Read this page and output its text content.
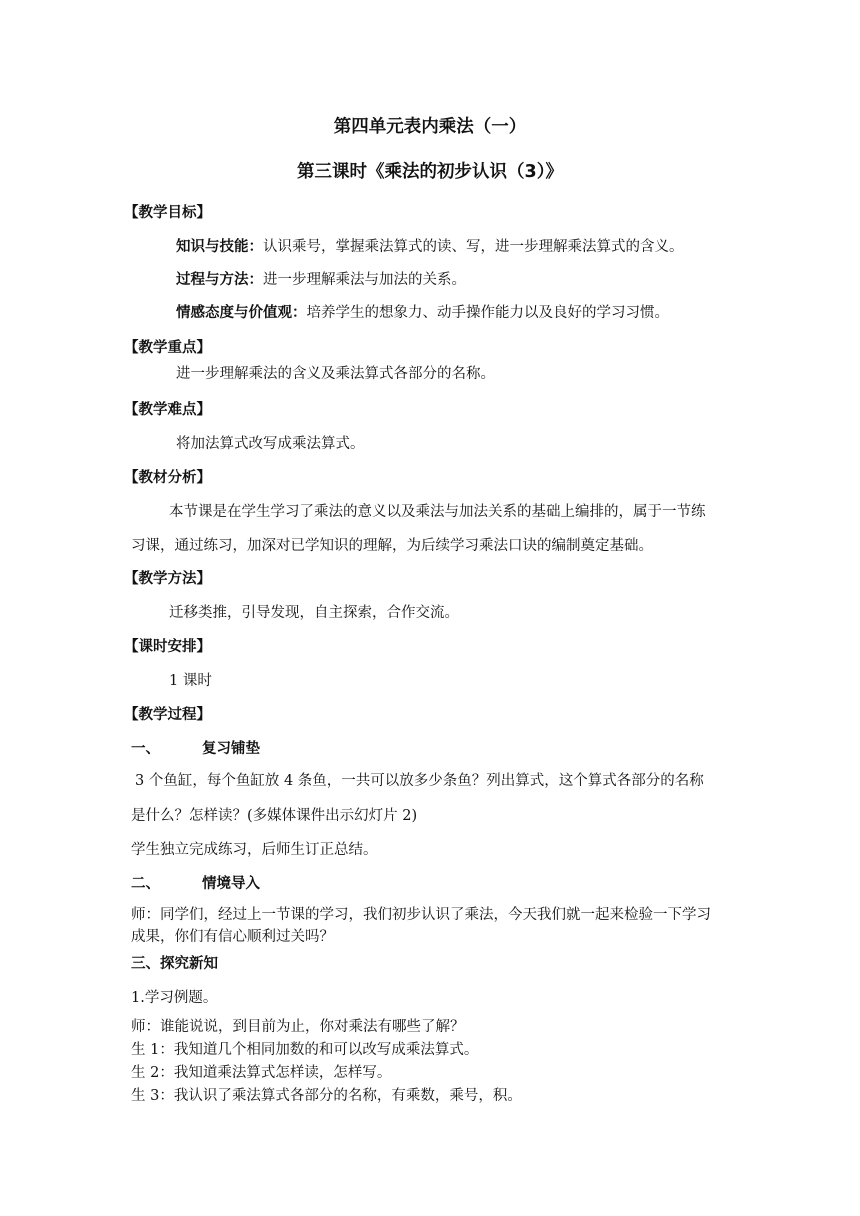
第四单元表内乘法（一）
第三课时《乘法的初步认识（3）》
【教学目标】
知识与技能：认识乘号，掌握乘法算式的读、写，进一步理解乘法算式的含义。
过程与方法：进一步理解乘法与加法的关系。
情感态度与价值观：培养学生的想象力、动手操作能力以及良好的学习习惯。
【教学重点】
进一步理解乘法的含义及乘法算式各部分的名称。
【教学难点】
将加法算式改写成乘法算式。
【教材分析】
本节课是在学生学习了乘法的意义以及乘法与加法关系的基础上编排的，属于一节练
习课，通过练习，加深对已学知识的理解，为后续学习乘法口诀的编制奠定基础。
【教学方法】
迁移类推，引导发现，自主探索，合作交流。
【课时安排】
1 课时
【教学过程】
一、	复习铺垫
3 个鱼缸，每个鱼缸放 4 条鱼，一共可以放多少条鱼？列出算式，这个算式各部分的名称
是什么？怎样读？(多媒体课件出示幻灯片 2)
学生独立完成练习，后师生订正总结。
二、	情境导入
师：同学们，经过上一节课的学习，我们初步认识了乘法，今天我们就一起来检验一下学习
成果，你们有信心顺利过关吗？
三、探究新知
1.学习例题。
师：谁能说说，到目前为止，你对乘法有哪些了解？
生 1：我知道几个相同加数的和可以改写成乘法算式。
生 2：我知道乘法算式怎样读，怎样写。
生 3：我认识了乘法算式各部分的名称，有乘数，乘号，积。
